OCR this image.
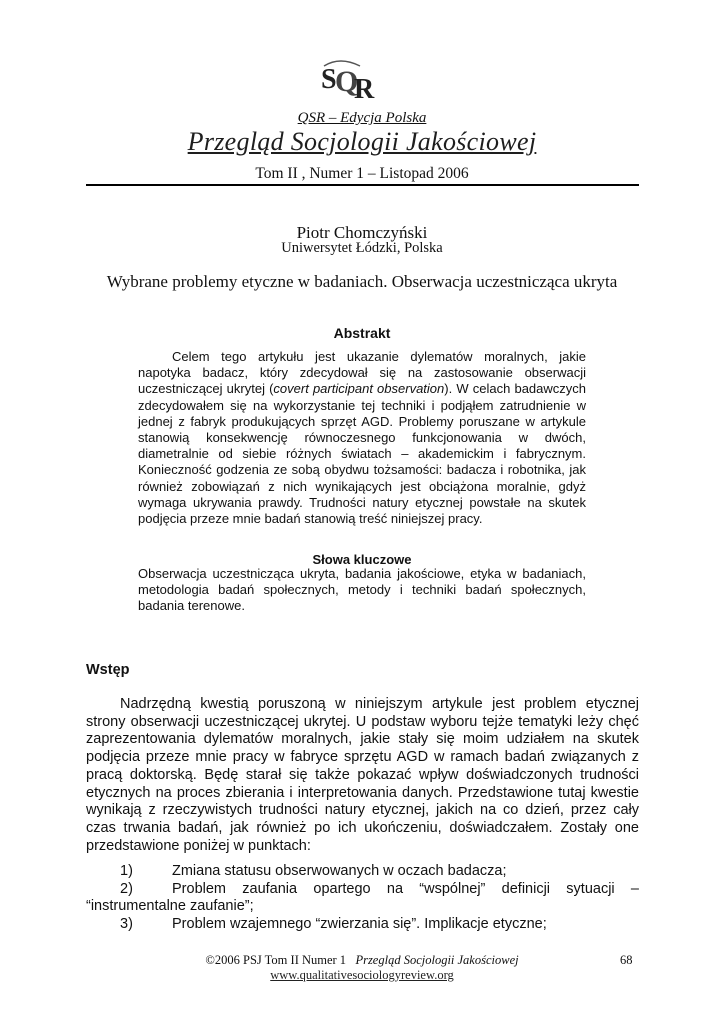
S
Q
R
QSR – Edycja Polska
Przegląd Socjologii Jakościowej
Tom II , Numer 1 – Listopad 2006
Piotr Chomczyński
Uniwersytet Łódzki, Polska
Wybrane problemy etyczne w badaniach. Obserwacja uczestnicząca ukryta
Abstrakt

Celem tego artykułu jest ukazanie dylematów moralnych, jakie napotyka badacz, który zdecydował się na zastosowanie obserwacji uczestniczącej ukrytej (covert participant observation). W celach badawczych zdecydowałem się na wykorzystanie tej techniki i podjąłem zatrudnienie w jednej z fabryk produkujących sprzęt AGD. Problemy poruszane w artykule stanowią konsekwencję równoczesnego funkcjonowania w dwóch, diametralnie od siebie różnych światach – akademickim i fabrycznym. Konieczność godzenia ze sobą obydwu tożsamości: badacza i robotnika, jak również zobowiązań z nich wynikających jest obciążona moralnie, gdyż wymaga ukrywania prawdy. Trudności natury etycznej powstałe na skutek podjęcia przeze mnie badań stanowią treść niniejszej pracy.

Słowa kluczowe
Obserwacja uczestnicząca ukryta, badania jakościowe, etyka w badaniach, metodologia badań społecznych, metody i techniki badań społecznych, badania terenowe.
Wstęp

Nadrzędną kwestią poruszoną w niniejszym artykule jest problem etycznej strony obserwacji uczestniczącej ukrytej. U podstaw wyboru tejże tematyki leży chęć zaprezentowania dylematów moralnych, jakie stały się moim udziałem na skutek podjęcia przeze mnie pracy w fabryce sprzętu AGD w ramach badań związanych z pracą doktorską. Będę starał się także pokazać wpływ doświadczonych trudności etycznych na proces zbierania i interpretowania danych. Przedstawione tutaj kwestie wynikają z rzeczywistych trudności natury etycznej, jakich na co dzień, przez cały czas trwania badań, jak również po ich ukończeniu, doświadczałem. Zostały one przedstawione poniżej w punktach:

1)	Zmiana statusu obserwowanych w oczach badacza;
2)	Problem zaufania opartego na “wspólnej” definicji sytuacji – “instrumentalne zaufanie”;
3)	Problem wzajemnego “zwierzania się”. Implikacje etyczne;
©2006 PSJ Tom II Numer 1 Przegląd Socjologii Jakościowej
www.qualitativesociologyreview.org
68
